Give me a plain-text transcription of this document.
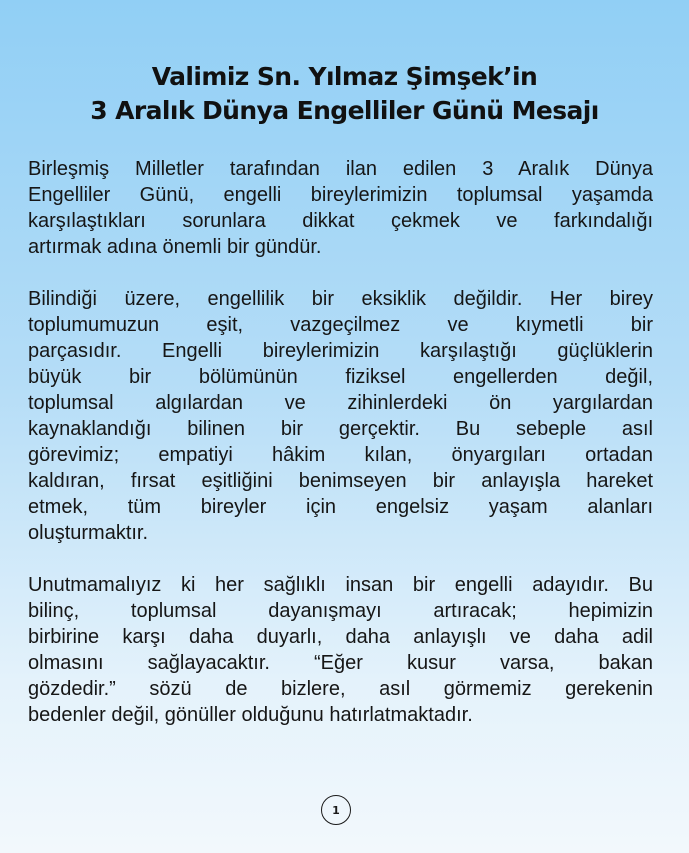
Valimiz Sn. Yılmaz Şimşek’in
3 Aralık Dünya Engelliler Günü Mesajı

Birleşmiş Milletler tarafından ilan edilen 3 Aralık Dünya
Engelliler Günü, engelli bireylerimizin toplumsal yaşamda
karşılaştıkları sorunlara dikkat çekmek ve farkındalığı
artırmak adına önemli bir gündür.

Bilindiği üzere, engellilik bir eksiklik değildir. Her birey
toplumumuzun eşit, vazgeçilmez ve kıymetli bir
parçasıdır. Engelli bireylerimizin karşılaştığı güçlüklerin
büyük bir bölümünün fiziksel engellerden değil,
toplumsal algılardan ve zihinlerdeki ön yargılardan
kaynaklandığı bilinen bir gerçektir. Bu sebeple asıl
görevimiz; empatiyi hâkim kılan, önyargıları ortadan
kaldıran, fırsat eşitliğini benimseyen bir anlayışla hareket
etmek, tüm bireyler için engelsiz yaşam alanları
oluşturmaktır.

Unutmamalıyız ki her sağlıklı insan bir engelli adayıdır. Bu
bilinç, toplumsal dayanışmayı artıracak; hepimizin
birbirine karşı daha duyarlı, daha anlayışlı ve daha adil
olmasını sağlayacaktır. “Eğer kusur varsa, bakan
gözdedir.” sözü de bizlere, asıl görmemiz gerekenin
bedenler değil, gönüller olduğunu hatırlatmaktadır.

1
